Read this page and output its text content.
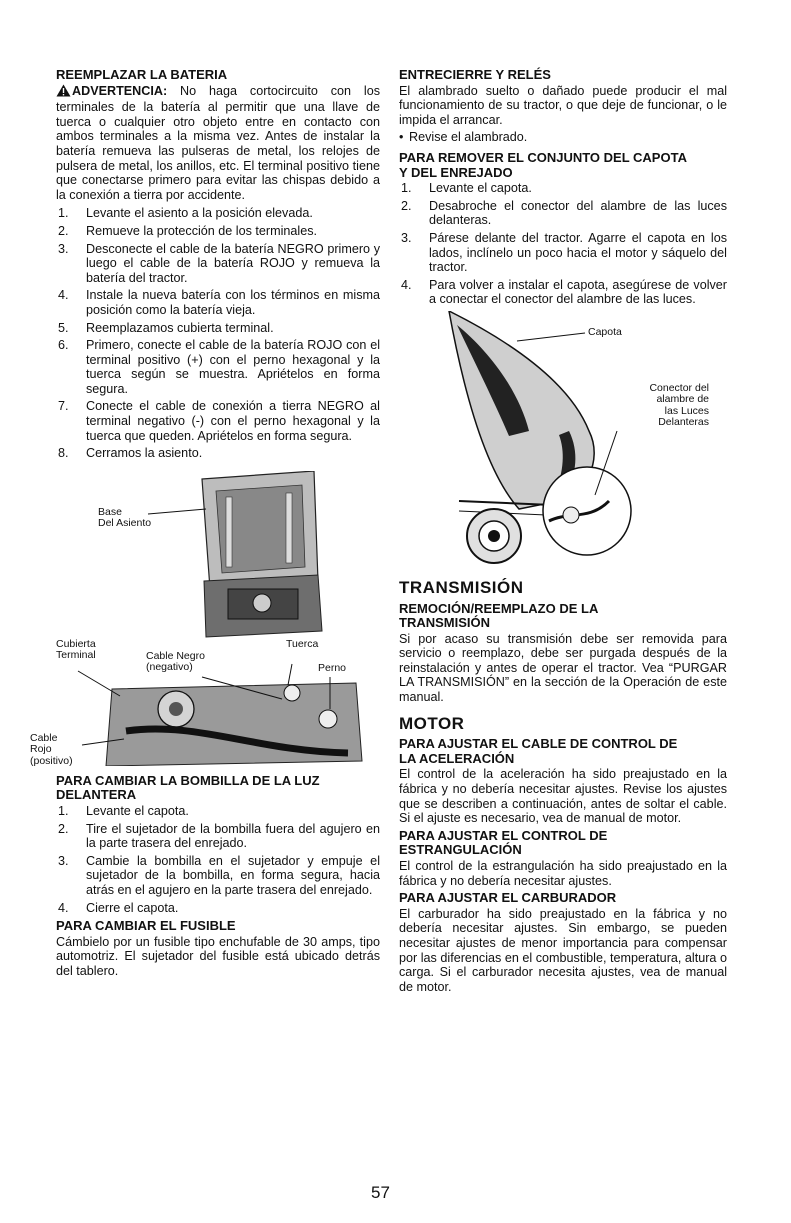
REEMPLAZAR LA BATERIA

ADVERTENCIA: No haga cortocircuito con los terminales de la batería al permitir que una llave de tuerca o cualquier otro objeto entre en contacto con ambos terminales a la misma vez. Antes de instalar la batería remueva las pulseras de metal, los relojes de pulsera de metal, los anillos, etc. El terminal positivo tiene que conectarse primero para evitar las chispas debido a la conexión a tierra por accidente.

1. Levante el asiento a la posición elevada.
2. Remueve la protección de los terminales.
3. Desconecte el cable de la batería NEGRO primero y luego el cable de la batería ROJO y remueva la batería del tractor.
4. Instale la nueva batería con los términos en misma posición como la batería vieja.
5. Reemplazamos cubierta terminal.
6. Primero, conecte el cable de la batería ROJO con el terminal positivo (+) con el perno hexagonal y la tuerca según se muestra. Apriételos en forma segura.
7. Conecte el cable de conexión a tierra NEGRO al terminal negativo (-) con el perno hexagonal y la tuerca que queden. Apriételos en forma segura.
8. Cerramos la asiento.
Base
Del Asiento
Cubierta
Terminal	Cable Negro
(negativo)
Tuerca
Perno
Cable
Rojo
(positivo)
PARA CAMBIAR LA BOMBILLA DE LA LUZ
DELANTERA
1. Levante el capota.
2. Tire el sujetador de la bombilla fuera del agujero en la parte trasera del enrejado.
3. Cambie la bombilla en el sujetador y empuje el sujetador de la bombilla, en forma segura, hacia atrás en el agujero en la parte trasera del enrejado.
4. Cierre el capota.
PARA CAMBIAR EL FUSIBLE

Cámbielo por un fusible tipo enchufable de 30 amps, tipo automotriz. El sujetador del fusible está ubicado detrás del tablero.

ENTRECIERRE Y RELÉS

El alambrado suelto o dañado puede producir el mal funcionamiento de su tractor, o que deje de funcionar, o le impida el arrancar.

• Revise el alambrado.
PARA REMOVER EL CONJUNTO DEL CAPOTA
Y DEL ENREJADO
1. Levante el capota.
2. Desabroche el conector del alambre de las luces delanteras.
3. Párese delante del tractor. Agarre el capota en los lados, inclínelo un poco hacia el motor y sáquelo del tractor.
4. Para volver a instalar el capota, asegúrese de volver a conectar el conector del alambre de las luces.
Capota
Conector del
alambre de
las Luces
Delanteras
TRANSMISIÓN
REMOCIÓN/REEMPLAZO DE LA
TRANSMISIÓN

Si por acaso su transmisión debe ser removida para servicio o reemplazo, debe ser purgada después de la reinstalación y antes de operar el tractor. Vea “PURGAR LA TRANSMISIÓN” en la sección de la Operación de este manual.

MOTOR
PARA AJUSTAR EL CABLE DE CONTROL DE
LA ACELERACIÓN

El control de la aceleración ha sido preajustado en la fábrica y no debería necesitar ajustes. Revise los ajustes que se describen a continuación, antes de soltar el cable. Si el ajuste es necesario, vea de manual de motor.

PARA AJUSTAR EL CONTROL DE
ESTRANGULACIÓN

El control de la estrangulación ha sido preajustado en la fábrica y no debería necesitar ajustes.

PARA AJUSTAR EL CARBURADOR

El carburador ha sido preajustado en la fábrica y no debería necesitar ajustes. Sin embargo, se pueden necesitar ajustes de menor importancia para compensar por las diferencias en el combustible, temperatura, altura o carga. Si el carburador necesita ajustes, vea de manual de motor.

57
